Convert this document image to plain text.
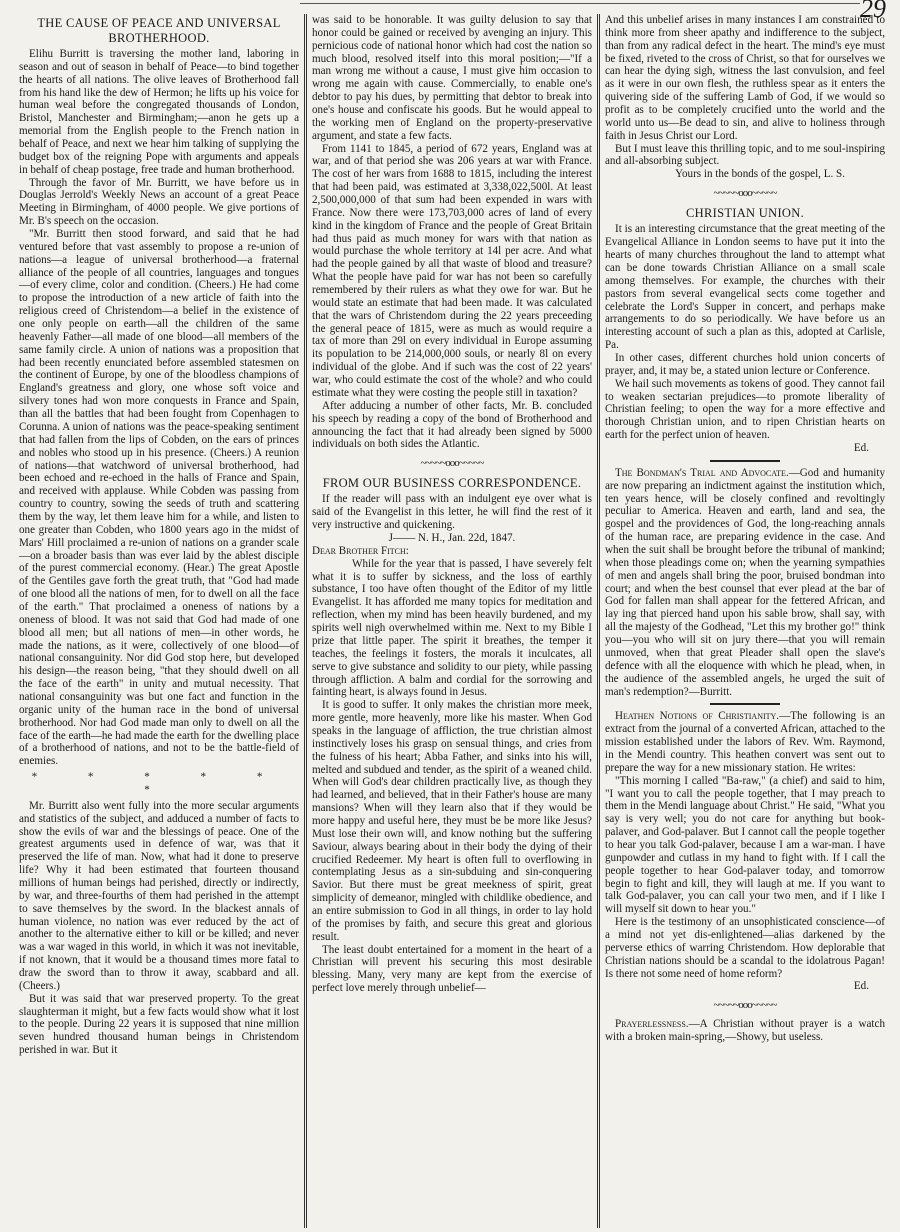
29
THE CAUSE OF PEACE AND UNIVERSAL BROTHERHOOD.

Elihu Burritt is traversing the mother land, laboring in season and out of season in behalf of Peace—to bind together the hearts of all nations. The olive leaves of Brotherhood fall from his hand like the dew of Hermon; he lifts up his voice for human weal before the congregated thousands of London, Bristol, Manchester and Birmingham;—anon he gets up a memorial from the English people to the French nation in behalf of Peace, and next we hear him talking of supplying the budget box of the reigning Pope with arguments and appeals in behalf of cheap postage, free trade and human brotherhood.

Through the favor of Mr. Burritt, we have before us in Douglas Jerrold's Weekly News an account of a great Peace Meeting in Birmingham, of 4000 people. We give portions of Mr. B's speech on the occasion.

"Mr. Burritt then stood forward, and said that he had ventured before that vast assembly to propose a re-union of nations—a league of universal brotherhood—a fraternal alliance of the people of all countries, languages and tongues—of every clime, color and condition. (Cheers.) He had come to propose the introduction of a new article of faith into the religious creed of Christendom—a belief in the existence of one only people on earth—all the children of the same heavenly Father—all made of one blood—all members of the same family circle. A union of nations was a proposition that had been recently enunciated before assembled statesmen on the continent of Europe, by one of the bloodless champions of England's greatness and glory, one whose soft voice and silvery tones had won more conquests in France and Spain, than all the battles that had been fought from Copenhagen to Corunna. A union of nations was the peace-speaking sentiment that had fallen from the lips of Cobden, on the ears of princes and nobles who stood up in his presence. (Cheers.) A reunion of nations—that watchword of universal brotherhood, had been echoed and re-echoed in the halls of France and Spain, and received with applause. While Cobden was passing from country to country, sowing the seeds of truth and scattering them by the way, let them leave him for a while, and listen to one greater than Cobden, who 1800 years ago in the midst of Mars' Hill proclaimed a re-union of nations on a grander scale—on a broader basis than was ever laid by the ablest disciple of the purest commercial economy. (Hear.) The great Apostle of the Gentiles gave forth the great truth, that "God had made of one blood all the nations of men, for to dwell on all the face of the earth." That proclaimed a oneness of nations by a oneness of blood. It was not said that God had made of one blood all men; but all nations of men—in other words, he made the nations, as it were, collectively of one blood—of national consanguinity. Nor did God stop here, but developed his design—the reason being, "that they should dwell on all the face of the earth" in unity and mutual necessity. That national consanguinity was but one fact and function in the organic unity of the human race in the bond of universal brotherhood. Nor had God made man only to dwell on all the face of the earth—he had made the earth for the dwelling place of a brotherhood of nations, and not to be the battle-field of enemies.

* * * * * *

Mr. Burritt also went fully into the more secular arguments and statistics of the subject, and adduced a number of facts to show the evils of war and the blessings of peace. One of the greatest arguments used in defence of war, was that it preserved the life of man. Now, what had it done to preserve life? Why it had been estimated that fourteen thousand millions of human beings had perished, directly or indirectly, by war, and three-fourths of them had perished in the attempt to save themselves by the sword. In the blackest annals of human violence, no nation was ever reduced by the act of another to the alternative either to kill or be killed; and never was a war waged in this world, in which it was not inevitable, if not known, that it would be a thousand times more fatal to draw the sword than to throw it away, scabbard and all. (Cheers.)

But it was said that war preserved property. To the great slaughterman it might, but a few facts would show what it lost to the people. During 22 years it is supposed that nine million seven hundred thousand human beings in Christendom perished in war. But it

was said to be honorable. It was guilty delusion to say that honor could be gained or received by avenging an injury. This pernicious code of national honor which had cost the nation so much blood, resolved itself into this moral position;—"If a man wrong me without a cause, I must give him occasion to wrong me again with cause. Commercially, to enable one's debtor to pay his dues, by permitting that debtor to break into one's house and confiscate his goods. But he would appeal to the working men of England on the property-preservative argument, and state a few facts.

From 1141 to 1845, a period of 672 years, England was at war, and of that period she was 206 years at war with France. The cost of her wars from 1688 to 1815, including the interest that had been paid, was estimated at 3,338,022,500l. At least 2,500,000,000 of that sum had been expended in wars with France. Now there were 173,703,000 acres of land of every kind in the kingdom of France and the people of Great Britain had thus paid as much money for wars with that nation as would purchase the whole territory at 14l per acre. And what had the people gained by all that waste of blood and treasure? What the people have paid for war has not been so carefully remembered by their rulers as what they owe for war. But he would state an estimate that had been made. It was calculated that the wars of Christendom during the 22 years preceeding the general peace of 1815, were as much as would require a tax of more than 29l on every individual in Europe assuming its population to be 214,000,000 souls, or nearly 8l on every individual of the globe. And if such was the cost of 22 years' war, who could estimate the cost of the whole? and who could estimate what they were costing the people still in taxation?

After adducing a number of other facts, Mr. B. concluded his speech by reading a copy of the bond of Brotherhood and announcing the fact that it had already been signed by 5000 individuals on both sides the Atlantic.

~~~~~ooo~~~~~

FROM OUR BUSINESS CORRESPONDENCE.

If the reader will pass with an indulgent eye over what is said of the Evangelist in this letter, he will find the rest of it very instructive and quickening.

J—— N. H., Jan. 22d, 1847.

Dear Brother Fitch:

While for the year that is passed, I have severely felt what it is to suffer by sickness, and the loss of earthly substance, I too have often thought of the Editor of my little Evangelist. It has afforded me many topics for meditation and reflection, when my mind has been heavily burdened, and my spirits well nigh overwhelmed within me. Next to my Bible I prize that little paper. The spirit it breathes, the temper it teaches, the feelings it fosters, the morals it inculcates, all serve to give substance and solidity to our piety, while passing through affliction. A balm and cordial for the sorrowing and fainting heart, is always found in Jesus.

It is good to suffer. It only makes the christian more meek, more gentle, more heavenly, more like his master. When God speaks in the language of affliction, the true christian almost instinctively loses his grasp on sensual things, and cries from the fulness of his heart; Abba Father, and sinks into his will, melted and subdued and tender, as the spirit of a weaned child. When will God's dear children practically live, as though they had learned, and believed, that in their Father's house are many mansions? When will they learn also that if they would be more happy and useful here, they must be be more like Jesus? Must lose their own will, and know nothing but the suffering Saviour, always bearing about in their body the dying of their crucified Redeemer. My heart is often full to overflowing in contemplating Jesus as a sin-subduing and sin-conquering Savior. But there must be great meekness of spirit, great simplicity of demeanor, mingled with childlike obedience, and an entire submission to God in all things, in order to lay hold of the promises by faith, and secure this great and glorious result.

The least doubt entertained for a moment in the heart of a Christian will prevent his securing this most desirable blessing. Many, very many are kept from the exercise of perfect love merely through unbelief—

And this unbelief arises in many instances I am constrained to think more from sheer apathy and indifference to the subject, than from any radical defect in the heart. The mind's eye must be fixed, riveted to the cross of Christ, so that for ourselves we can hear the dying sigh, witness the last convulsion, and feel as it were in our own flesh, the ruthless spear as it enters the quivering side of the suffering Lamb of God, if we would so profit as to be completely crucified unto the world and the world unto us—Be dead to sin, and alive to holiness through faith in Jesus Christ our Lord.

But I must leave this thrilling topic, and to me soul-inspiring and all-absorbing subject.

Yours in the bonds of the gospel, L. S.

~~~~~ooo~~~~~

CHRISTIAN UNION.

It is an interesting circumstance that the great meeting of the Evangelical Alliance in London seems to have put it into the hearts of many churches throughout the land to attempt what can be done towards Christian Alliance on a small scale among themselves. For example, the churches with their pastors from several evangelical sects come together and celebrate the Lord's Supper in concert, and perhaps make arrangements to do so periodically. We have before us an interesting account of such a plan as this, adopted at Carlisle, Pa.

In other cases, different churches hold union concerts of prayer, and, it may be, a stated union lecture or Conference.

We hail such movements as tokens of good. They cannot fail to weaken sectarian prejudices—to promote liberality of Christian feeling; to open the way for a more effective and thorough Christian union, and to ripen Christian hearts on earth for the perfect union of heaven.

Ed.

The Bondman's Trial and Advocate.—God and humanity are now preparing an indictment against the institution which, ten years hence, will be closely confined and revoltingly peculiar to America. Heaven and earth, land and sea, the gospel and the providences of God, the long-reaching annals of the human race, are preparing evidence in the case. And when the suit shall be brought before the tribunal of mankind; when those pleadings come on; when the yearning sympathies of men and angels shall bring the poor, bruised bondman into court; and when the best counsel that ever plead at the bar of God for fallen man shall appear for the fettered African, and lay ing that pierced hand upon his sable brow, shall say, with all the majesty of the Godhead, "Let this my brother go!" think you—you who will sit on jury there—that you will remain unmoved, when that great Pleader shall open the slave's defence with all the eloquence with which he plead, when, in the audience of the assembled angels, he urged the suit of man's redemption?—Burritt.

Heathen Notions of Christianity.—The following is an extract from the journal of a converted African, attached to the mission established under the labors of Rev. Wm. Raymond, in the Mendi country. This heathen convert was sent out to prepare the way for a new missionary station. He writes:

"This morning I called "Ba-raw," (a chief) and said to him, "I want you to call the people together, that I may preach to them in the Mendi language about Christ." He said, "What you say is very well; you do not care for anything but book-palaver, and God-palaver. But I cannot call the people together to hear you talk God-palaver, because I am a war-man. I have gunpowder and cutlass in my hand to fight with. If I call the people together to hear God-palaver today, and tomorrow begin to fight and kill, they will laugh at me. If you want to talk God-palaver, you can call your two men, and if I like I will myself sit down to hear you."

Here is the testimony of an unsophisticated conscience—of a mind not yet dis-enlightened—alias darkened by the perverse ethics of warring Christendom. How deplorable that Christian nations should be a scandal to the idolatrous Pagan! Is there not some need of home reform?

Ed.

~~~~~ooo~~~~~

Prayerlessness.—A Christian without prayer is a watch with a broken main-spring,—Showy, but useless.
